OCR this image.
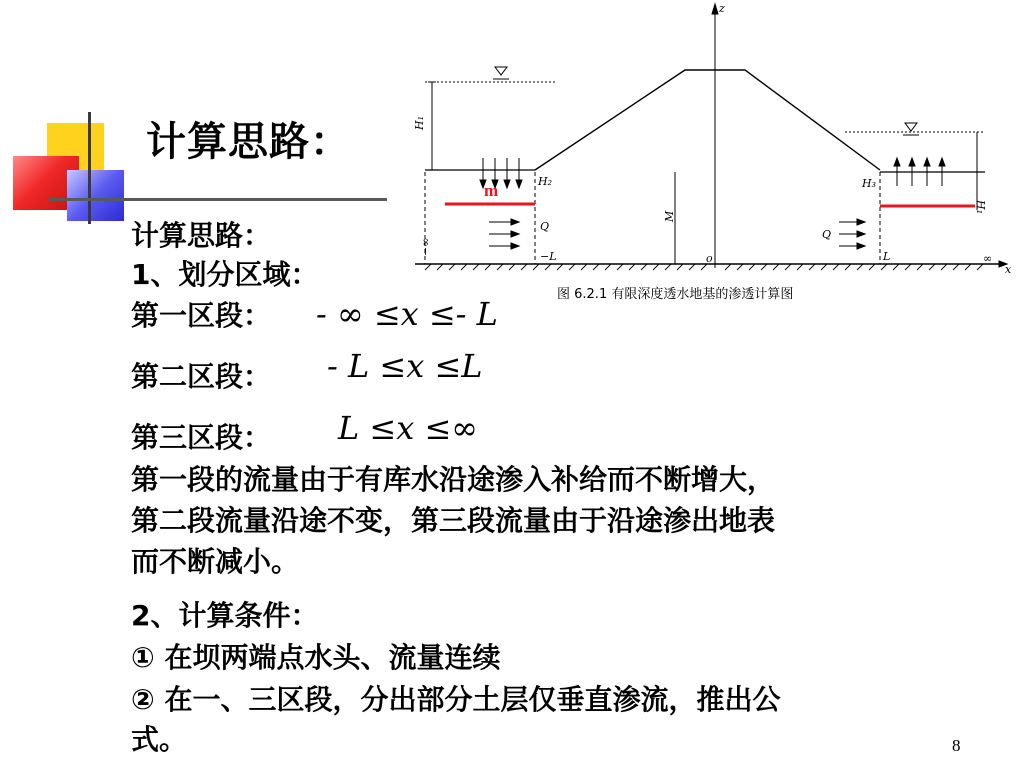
计算思路：
z
x
H₁
H₁
H₂	H₃
M
Q
Q
−L	L
o
−∞
∞
m
图 6.2.1 有限深度透水地基的渗透计算图
计算思路：
1、划分区域：
第一区段： - ∞ ≤x ≤- L
第二区段： - L ≤x ≤L
第三区段： L ≤x ≤∞
第一段的流量由于有库水沿途渗入补给而不断增大，
第二段流量沿途不变，第三段流量由于沿途渗出地表
而不断减小。
2、计算条件：
① 在坝两端点水头、流量连续
② 在一、三区段，分出部分土层仅垂直渗流，推出公
式。	8
